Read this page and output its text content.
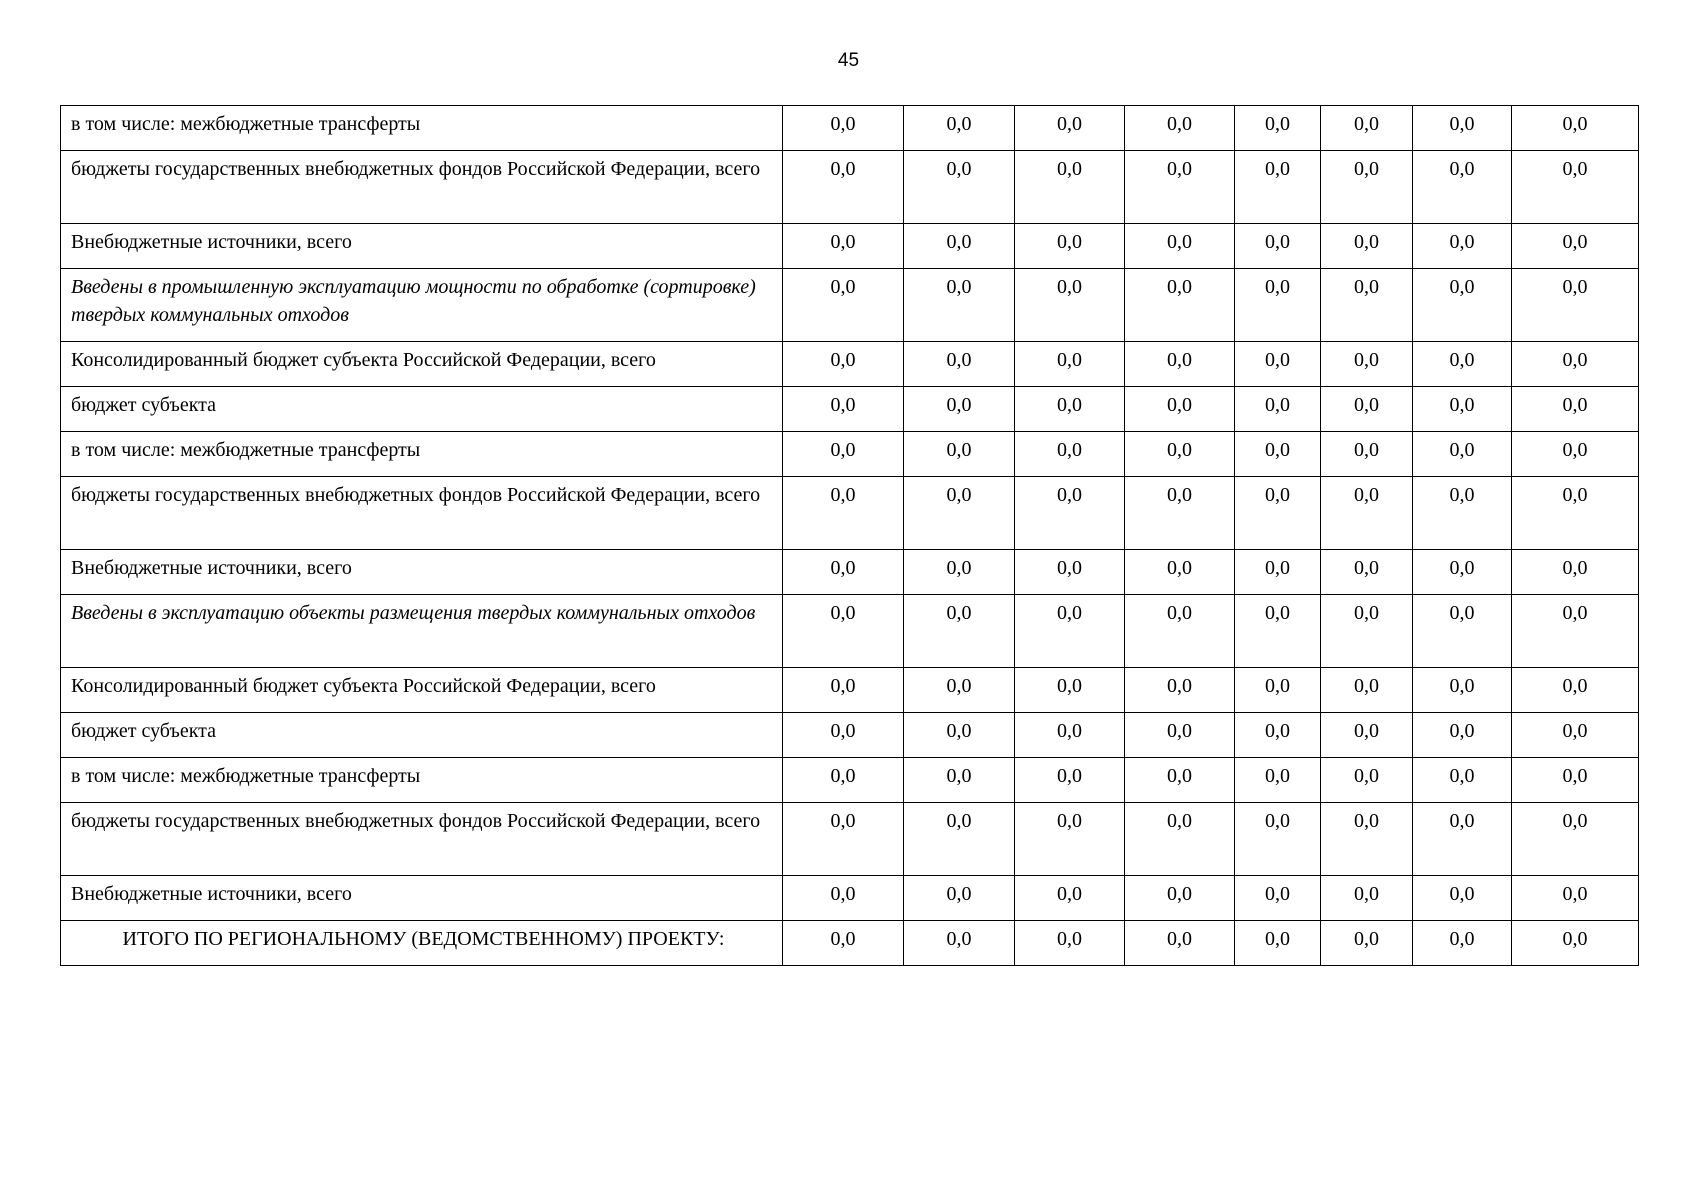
45
в том числе: межбюджетные трансферты	0,0	0,0	0,0	0,0	0,0	0,0	0,0	0,0
бюджеты государственных внебюджетных фондов Российской Федерации, всего	0,0	0,0	0,0	0,0	0,0	0,0	0,0	0,0
Внебюджетные источники, всего	0,0	0,0	0,0	0,0	0,0	0,0	0,0	0,0
Введены в промышленную эксплуатацию мощности по обработке (сортировке) твердых коммунальных отходов	0,0	0,0	0,0	0,0	0,0	0,0	0,0	0,0
Консолидированный бюджет субъекта Российской Федерации, всего	0,0	0,0	0,0	0,0	0,0	0,0	0,0	0,0
бюджет субъекта	0,0	0,0	0,0	0,0	0,0	0,0	0,0	0,0
в том числе: межбюджетные трансферты	0,0	0,0	0,0	0,0	0,0	0,0	0,0	0,0
бюджеты государственных внебюджетных фондов Российской Федерации, всего	0,0	0,0	0,0	0,0	0,0	0,0	0,0	0,0
Внебюджетные источники, всего	0,0	0,0	0,0	0,0	0,0	0,0	0,0	0,0
Введены в эксплуатацию объекты размещения твердых коммунальных отходов	0,0	0,0	0,0	0,0	0,0	0,0	0,0	0,0
Консолидированный бюджет субъекта Российской Федерации, всего	0,0	0,0	0,0	0,0	0,0	0,0	0,0	0,0
бюджет субъекта	0,0	0,0	0,0	0,0	0,0	0,0	0,0	0,0
в том числе: межбюджетные трансферты	0,0	0,0	0,0	0,0	0,0	0,0	0,0	0,0
бюджеты государственных внебюджетных фондов Российской Федерации, всего	0,0	0,0	0,0	0,0	0,0	0,0	0,0	0,0
Внебюджетные источники, всего	0,0	0,0	0,0	0,0	0,0	0,0	0,0	0,0
ИТОГО ПО РЕГИОНАЛЬНОМУ (ВЕДОМСТВЕННОМУ) ПРОЕКТУ:	0,0	0,0	0,0	0,0	0,0	0,0	0,0	0,0
